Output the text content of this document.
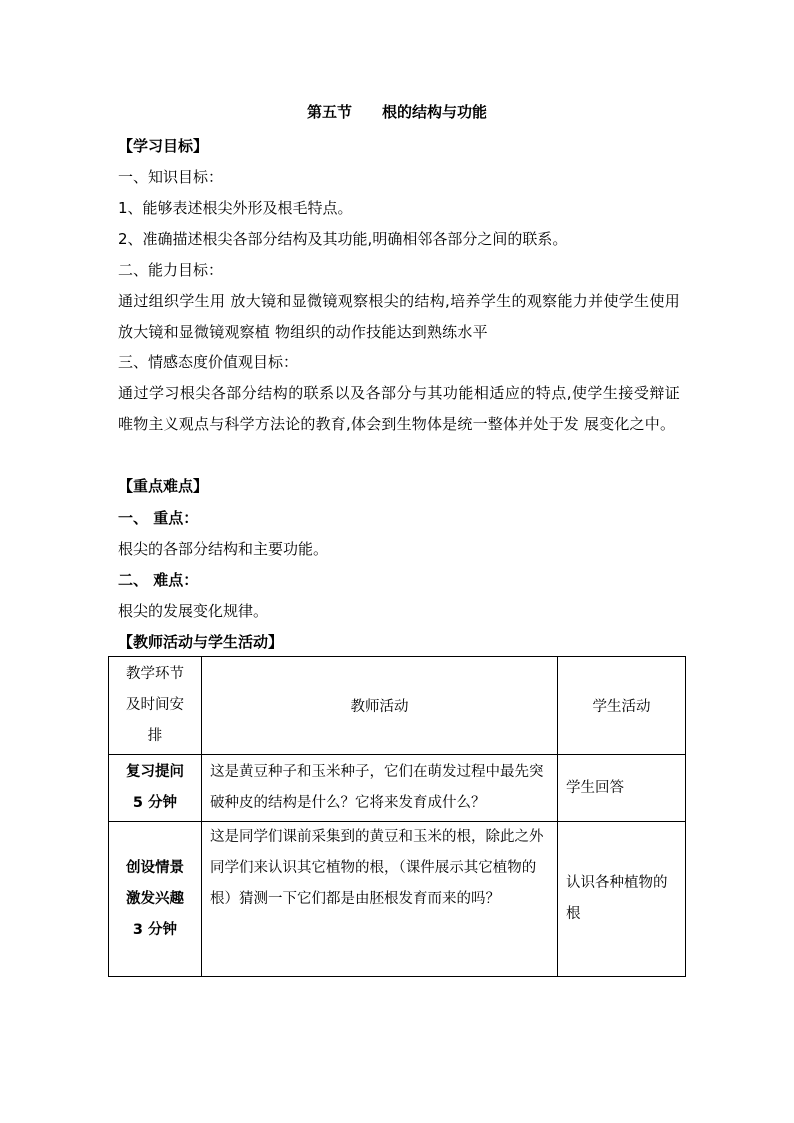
第五节　　根的结构与功能
【学习目标】
一、知识目标：
1、能够表述根尖外形及根毛特点。
2、准确描述根尖各部分结构及其功能,明确相邻各部分之间的联系。
二、能力目标：
通过组织学生用 放大镜和显微镜观察根尖的结构,培养学生的观察能力并使学生使用放大镜和显微镜观察植 物组织的动作技能达到熟练水平
三、情感态度价值观目标：
通过学习根尖各部分结构的联系以及各部分与其功能相适应的特点,使学生接受辩证唯物主义观点与科学方法论的教育,体会到生物体是统一整体并处于发 展变化之中。
【重点难点】
一、 重点：
根尖的各部分结构和主要功能。
二、 难点：
根尖的发展变化规律。
【教师活动与学生活动】
教学环节
及时间安
排	教师活动	学生活动

复习提问
5 分钟	这是黄豆种子和玉米种子，它们在萌发过程中最先突破种皮的结构是什么？它将来发育成什么？	学生回答

创设情景
激发兴趣
3 分钟	这是同学们课前采集到的黄豆和玉米的根，除此之外同学们来认识其它植物的根，（课件展示其它植物的根）猜测一下它们都是由胚根发育而来的吗？	认识各种植物的根
